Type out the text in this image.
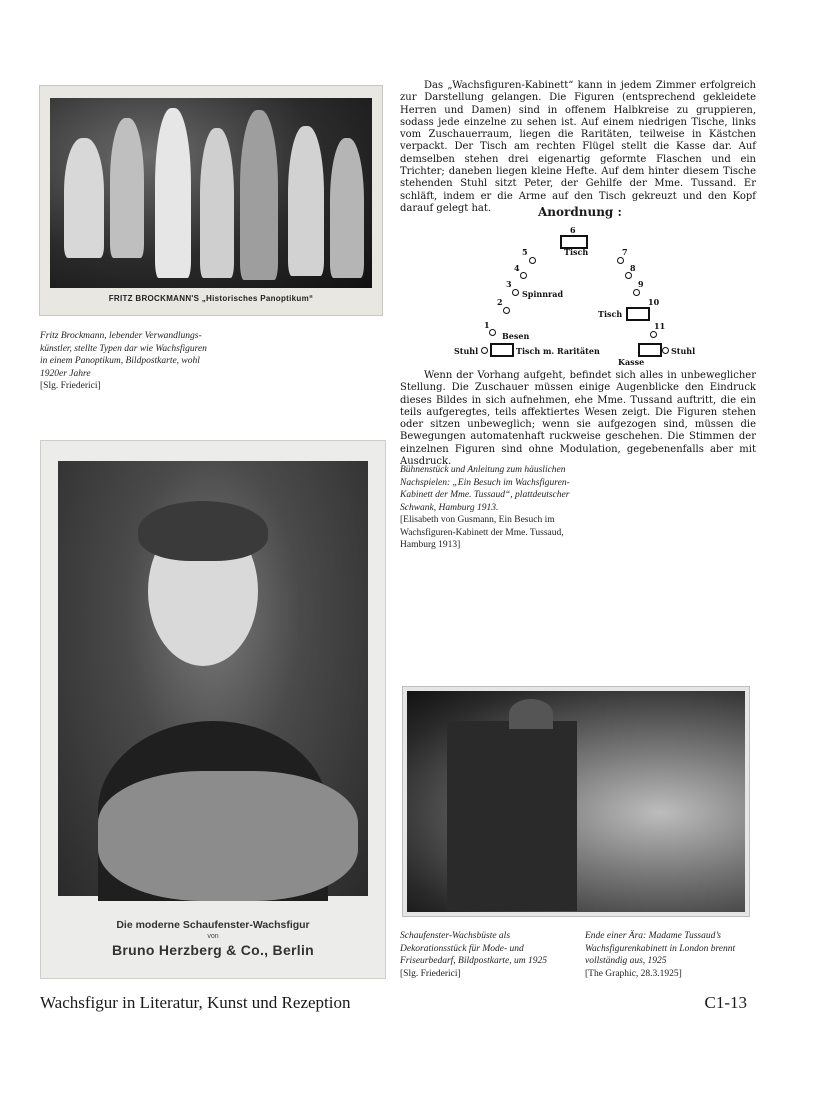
FRITZ BROCKMANN'S „Historisches Panoptikum“
Fritz Brockmann, lebender Verwandlungs-künstler, stellte Typen dar wie Wachsfiguren in einem Panoptikum, Bildpostkarte, wohl 1920er Jahre
[Slg. Friederici]

Das „Wachsfiguren-Kabinett“ kann in jedem Zimmer erfolgreich zur Darstellung gelangen. Die Figuren (entsprechend gekleidete Herren und Damen) sind in offenem Halbkreise zu gruppieren, sodass jede einzelne zu sehen ist. Auf einem niedrigen Tische, links vom Zuschauerraum, liegen die Raritäten, teilweise in Kästchen verpackt. Der Tisch am rechten Flügel stellt die Kasse dar. Auf demselben stehen drei eigenartig geformte Flaschen und ein Trichter; daneben liegen kleine Hefte. Auf dem hinter diesem Tische stehenden Stuhl sitzt Peter, der Gehilfe der Mme. Tussand. Er schläft, indem er die Arme auf den Tisch gekreuzt und den Kopf darauf gelegt hat.	Anordnung :
6
Tisch
5
4
3
Spinnrad
2
1
Besen
Stuhl	Tisch m. Raritäten
7
8
9
10
Tisch
11
Stuhl
Kasse

Wenn der Vorhang aufgeht, befindet sich alles in unbeweglicher Stellung. Die Zuschauer müssen einige Augenblicke den Eindruck dieses Bildes in sich aufnehmen, ehe Mme. Tussand auftritt, die ein teils aufgeregtes, teils affektiertes Wesen zeigt. Die Figuren stehen oder sitzen unbeweglich; wenn sie aufgezogen sind, müssen die Bewegungen automatenhaft ruckweise geschehen. Die Stimmen der einzelnen Figuren sind ohne Modulation, gegebenenfalls aber mit Ausdruck.

Bühnenstück und Anleitung zum häuslichen Nachspielen: „Ein Besuch im Wachsfiguren-Kabinett der Mme. Tussaud“, plattdeutscher Schwank, Hamburg 1913.
[Elisabeth von Gusmann, Ein Besuch im Wachsfiguren-Kabinett der Mme. Tussaud, Hamburg 1913]
Die moderne Schaufenster-Wachsfigur
von
Bruno Herzberg & Co., Berlin
Schaufenster-Wachsbüste als Dekorationsstück für Mode- und Friseurbedarf, Bildpostkarte, um 1925
[Slg. Friederici]
Ende einer Ära: Madame Tussaud’s Wachsfigurenkabinett in London brennt vollständig aus, 1925
[The Graphic, 28.3.1925]
Wachsfigur in Literatur, Kunst und Rezeption	C1-13
